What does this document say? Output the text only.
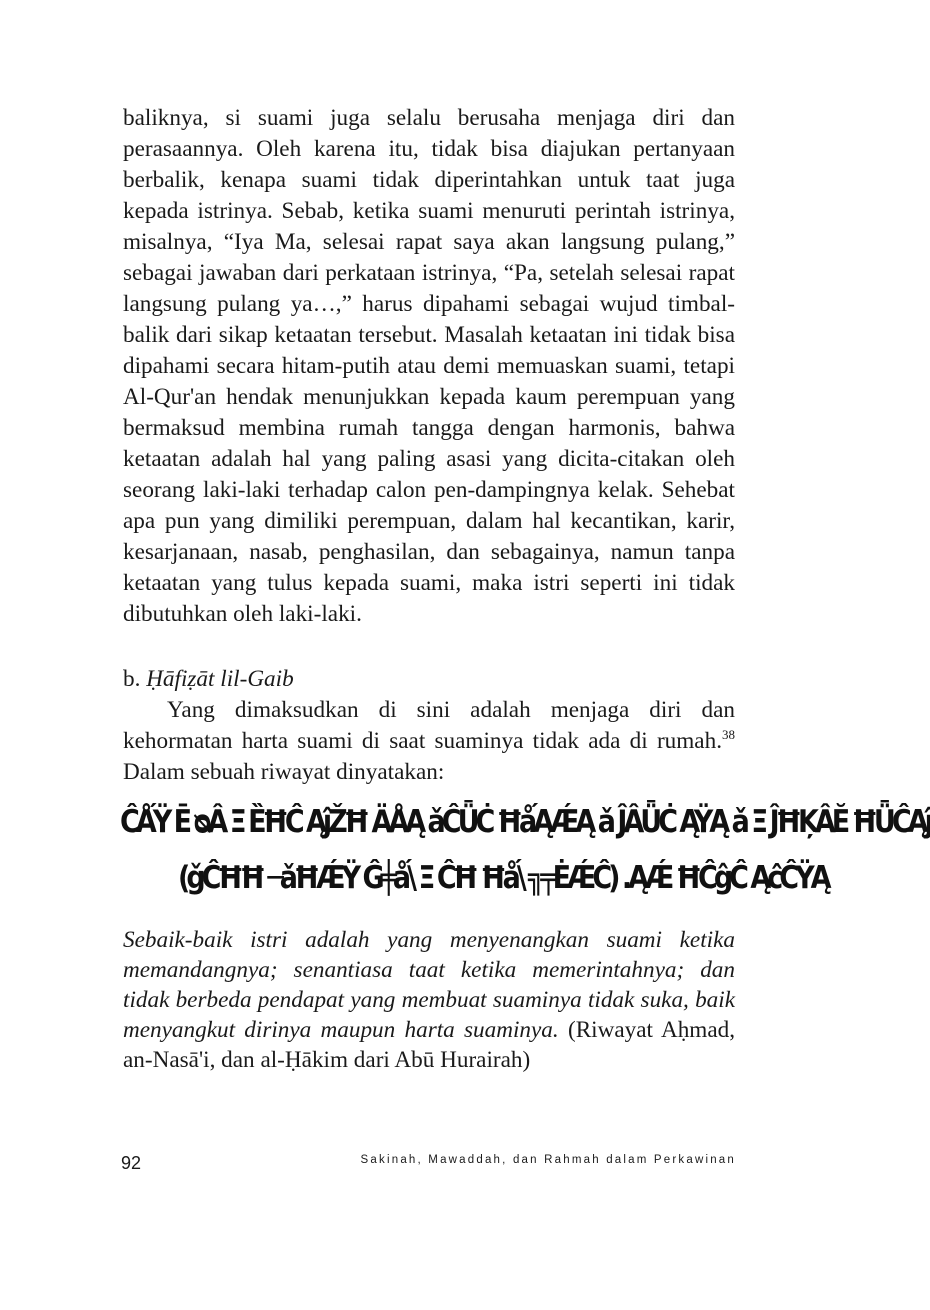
baliknya, si suami juga selalu berusaha menjaga diri dan perasaannya. Oleh karena itu, tidak bisa diajukan pertanyaan berbalik, kenapa suami tidak diperintahkan untuk taat juga kepada istrinya. Sebab, ketika suami menuruti perintah istrinya, misalnya, “Iya Ma, selesai rapat saya akan langsung pulang,” sebagai jawaban dari perkataan istrinya, “Pa, setelah selesai rapat langsung pulang ya…,” harus dipahami sebagai wujud timbal-balik dari sikap ketaatan tersebut. Masalah ketaatan ini tidak bisa dipahami secara hitam-putih atau demi memuaskan suami, tetapi Al-Qur'an hendak menunjukkan kepada kaum perempuan yang bermaksud membina rumah tangga dengan harmonis, bahwa ketaatan adalah hal yang paling asasi yang dicita-citakan oleh seorang laki-laki terhadap calon pen-dampingnya kelak. Sehebat apa pun yang dimiliki perempuan, dalam hal kecantikan, karir, kesarjanaan, nasab, penghasilan, dan sebagainya, namun tanpa ketaatan yang tulus kepada suami, maka istri seperti ini tidak dibutuhkan oleh laki-laki.

b. Ḥāfiẓāt lil-Gaib

Yang dimaksudkan di sini adalah menjaga diri dan kehormatan harta suami di saat suaminya tidak ada di rumah.$^{38}$ Dalam sebuah riwayat dinyatakan:

ĈǺŸ Ē ᴓÂ Ξ ȄĦĈ ĄĵŽĦ ÄÅĄ ǎĈǕĊ ĦǻĄǼĄ ǎ ĴÂǕĊ ĄŸĄ ǎ Ξ ĴĦĶÂĔ ĦǕĈĄĵ

(ǧĈĦĦ ─ǎĦǼŸ Ĝ╪ǻ\ Ξ ĈĦ Ħǻ\ ╗╤ĖǼĈ) .ĄǼ ĦĈĝĈ ĄĉĈŸĄ

Sebaik-baik istri adalah yang menyenangkan suami ketika memandangnya; senantiasa taat ketika memerintahnya; dan tidak berbeda pendapat yang membuat suaminya tidak suka, baik menyangkut dirinya maupun harta suaminya. (Riwayat Aḥmad, an-Nasā'i, dan al-Ḥākim dari Abū Hurairah)

92	Sakinah, Mawaddah, dan Rahmah dalam Perkawinan
